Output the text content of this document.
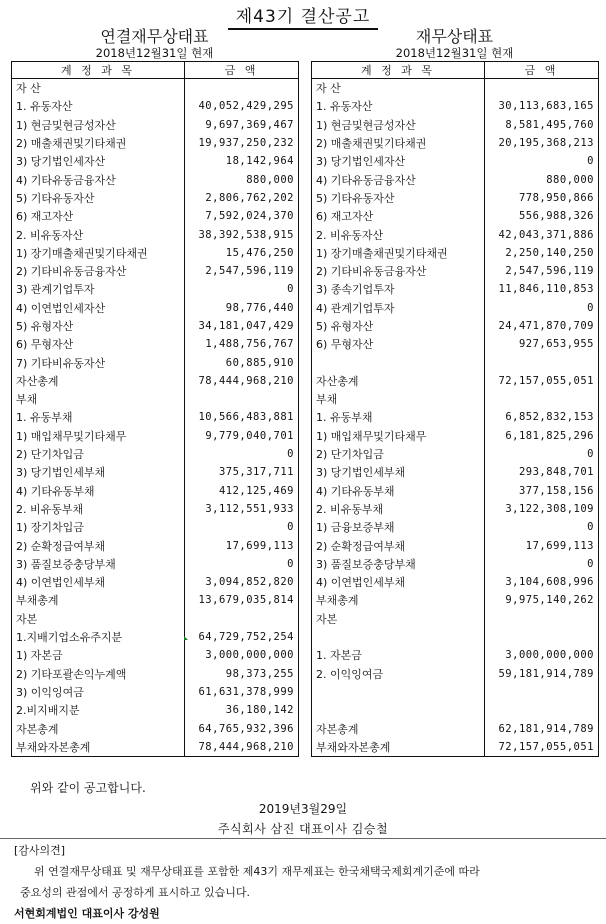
제43기 결산공고
연결재무상태표
2018년12월31일 현재
재무상태표
2018년12월31일 현재
계 정 과 목	금 액
자 산	
1. 유동자산	40,052,429,295
1) 현금및현금성자산	9,697,369,467
2) 매출채권및기타채권	19,937,250,232
3) 당기법인세자산	18,142,964
4) 기타유동금융자산	880,000
5) 기타유동자산	2,806,762,202
6) 재고자산	7,592,024,370
2. 비유동자산	38,392,538,915
1) 장기매출채권및기타채권	15,476,250
2) 기타비유동금융자산	2,547,596,119
3) 관계기업투자	0
4) 이연법인세자산	98,776,440
5) 유형자산	34,181,047,429
6) 무형자산	1,488,756,767
7) 기타비유동자산	60,885,910
자산총계	78,444,968,210
부채	
1. 유동부채	10,566,483,881
1) 매입채무및기타채무	9,779,040,701
2) 단기차입금	0
3) 당기법인세부채	375,317,711
4) 기타유동부채	412,125,469
2. 비유동부채	3,112,551,933
1) 장기차입금	0
2) 순확정급여부채	17,699,113
3) 품질보증충당부채	0
4) 이연법인세부채	3,094,852,820
부채총계	13,679,035,814
자본	
1.지배기업소유주지분	64,729,752,254
1) 자본금	3,000,000,000
2) 기타포괄손익누계액	98,373,255
3) 이익잉여금	61,631,378,999
2.비지배지분	36,180,142
자본총계	64,765,932,396
부채와자본총계	78,444,968,210
계 정 과 목	금 액
자 산	
1. 유동자산	30,113,683,165
1) 현금및현금성자산	8,581,495,760
2) 매출채권및기타채권	20,195,368,213
3) 당기법인세자산	0
4) 기타유동금융자산	880,000
5) 기타유동자산	778,950,866
6) 재고자산	556,988,326
2. 비유동자산	42,043,371,886
1) 장기매출채권및기타채권	2,250,140,250
2) 기타비유동금융자산	2,547,596,119
3) 종속기업투자	11,846,110,853
4) 관계기업투자	0
5) 유형자산	24,471,870,709
6) 무형자산	927,653,955

자산총계	72,157,055,051
부채	
1. 유동부채	6,852,832,153
1) 매입채무및기타채무	6,181,825,296
2) 단기차입금	0
3) 당기법인세부채	293,848,701
4) 기타유동부채	377,158,156
2. 비유동부채	3,122,308,109
1) 금융보증부채	0
2) 순확정급여부채	17,699,113
3) 품질보증충당부채	0
4) 이연법인세부채	3,104,608,996
부채총계	9,975,140,262
자본	

1. 자본금	3,000,000,000
2. 이익잉여금	59,181,914,789

자본총계	62,181,914,789
부채와자본총계	72,157,055,051
위와 같이 공고합니다.
2019년3월29일
주식회사 삼진 대표이사 김승철
[감사의견]
위 연결재무상태표 및 재무상태표를 포함한 제43기 재무제표는 한국채택국제회계기준에 따라
중요성의 관점에서 공정하게 표시하고 있습니다.
서현회계법인 대표이사 강성원
